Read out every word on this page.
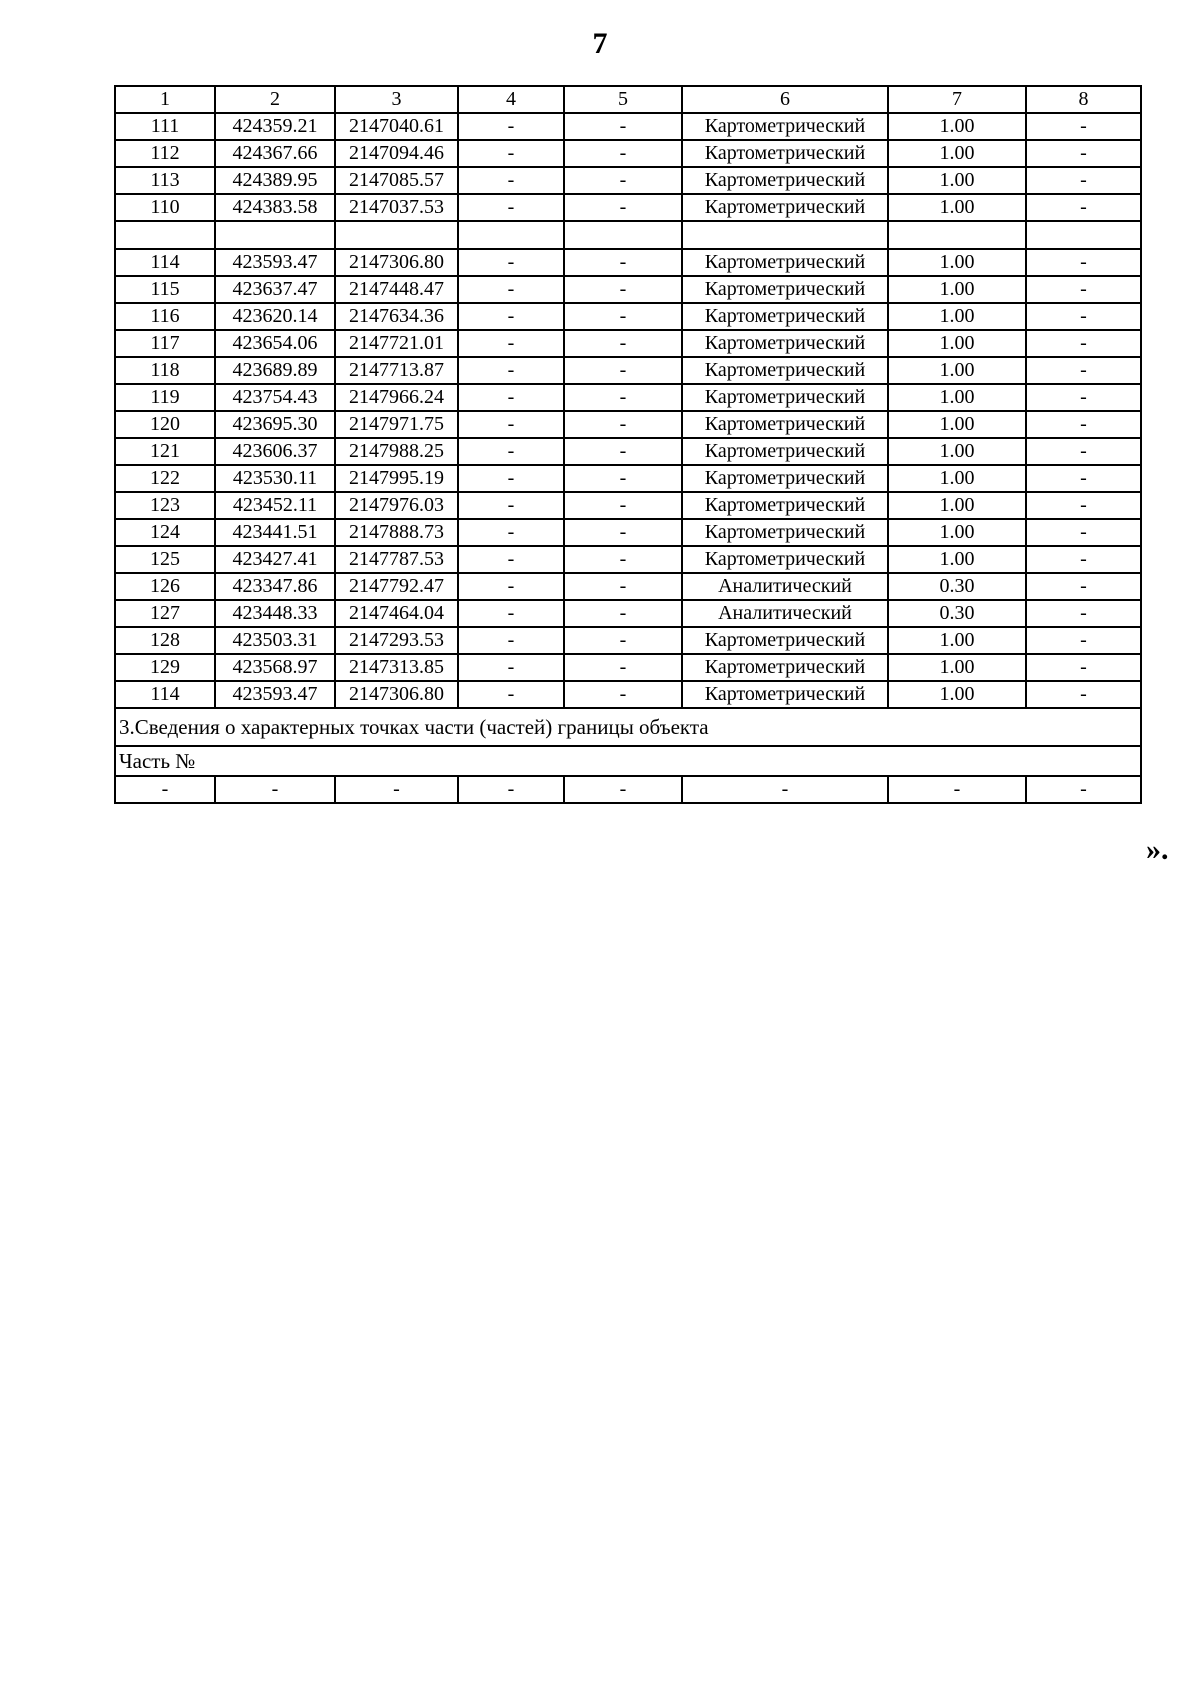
7
1	2	3	4	5	6	7	8
111	424359.21	2147040.61	-	-	Картометрический	1.00	-
112	424367.66	2147094.46	-	-	Картометрический	1.00	-
113	424389.95	2147085.57	-	-	Картометрический	1.00	-
110	424383.58	2147037.53	-	-	Картометрический	1.00	-

114	423593.47	2147306.80	-	-	Картометрический	1.00	-
115	423637.47	2147448.47	-	-	Картометрический	1.00	-
116	423620.14	2147634.36	-	-	Картометрический	1.00	-
117	423654.06	2147721.01	-	-	Картометрический	1.00	-
118	423689.89	2147713.87	-	-	Картометрический	1.00	-
119	423754.43	2147966.24	-	-	Картометрический	1.00	-
120	423695.30	2147971.75	-	-	Картометрический	1.00	-
121	423606.37	2147988.25	-	-	Картометрический	1.00	-
122	423530.11	2147995.19	-	-	Картометрический	1.00	-
123	423452.11	2147976.03	-	-	Картометрический	1.00	-
124	423441.51	2147888.73	-	-	Картометрический	1.00	-
125	423427.41	2147787.53	-	-	Картометрический	1.00	-
126	423347.86	2147792.47	-	-	Аналитический	0.30	-
127	423448.33	2147464.04	-	-	Аналитический	0.30	-
128	423503.31	2147293.53	-	-	Картометрический	1.00	-
129	423568.97	2147313.85	-	-	Картометрический	1.00	-
114	423593.47	2147306.80	-	-	Картометрический	1.00	-
3.Сведения о характерных точках части (частей) границы объекта							
Часть №							
-	-	-	-	-	-	-	-
».
